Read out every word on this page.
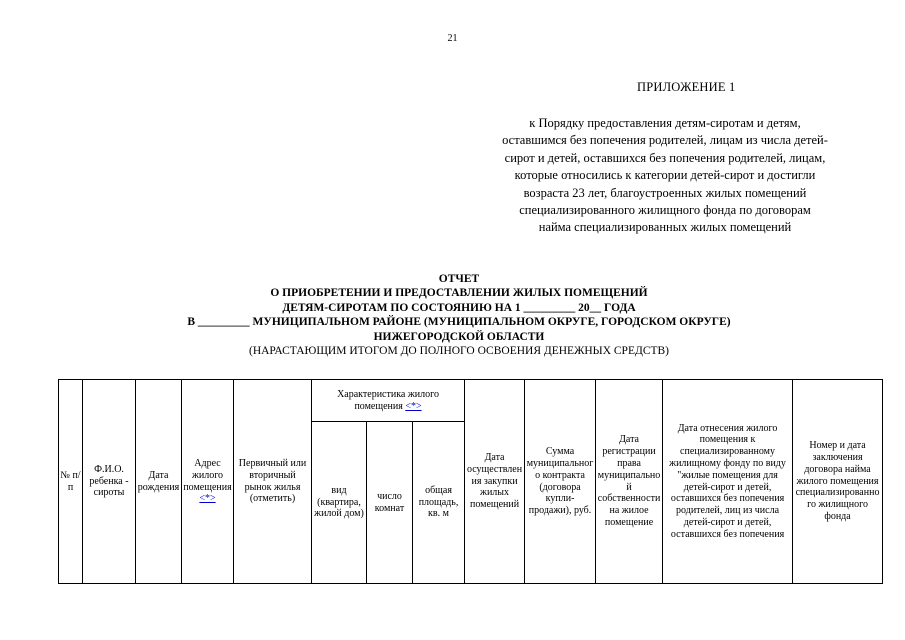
21
ПРИЛОЖЕНИЕ 1
к Порядку предоставления детям-сиротам и детям,
оставшимся без попечения родителей, лицам из числа детей-
сирот и детей, оставшихся без попечения родителей, лицам,
которые относились к категории детей-сирот и достигли
возраста 23 лет, благоустроенных жилых помещений
специализированного жилищного фонда по договорам
найма специализированных жилых помещений
ОТЧЕТ
О ПРИОБРЕТЕНИИ И ПРЕДОСТАВЛЕНИИ ЖИЛЫХ ПОМЕЩЕНИЙ
ДЕТЯМ-СИРОТАМ ПО СОСТОЯНИЮ НА 1 _________ 20__ ГОДА
В _________ МУНИЦИПАЛЬНОМ РАЙОНЕ (МУНИЦИПАЛЬНОМ ОКРУГЕ, ГОРОДСКОМ ОКРУГЕ)
НИЖЕГОРОДСКОЙ ОБЛАСТИ
(НАРАСТАЮЩИМ ИТОГОМ ДО ПОЛНОГО ОСВОЕНИЯ ДЕНЕЖНЫХ СРЕДСТВ)
№ п/п	Ф.И.О. ребенка - сироты	Дата рождения	Адрес жилого помещения <*>	Первичный или вторичный рынок жилья (отметить)	Характеристика жилого помещения <*>			Дата осуществления закупки жилых помещений	Сумма муниципального контракта (договора купли-продажи), руб.	Дата регистрации права муниципальной собственности на жилое помещение	Дата отнесения жилого помещения к специализированному жилищному фонду по виду "жилые помещения для детей-сирот и детей, оставшихся без попечения родителей, лиц из числа детей-сирот и детей, оставшихся без попечения	Номер и дата заключения договора найма жилого помещения специализированного жилищного фонда
					вид (квартира, жилой дом)	число комнат	общая площадь, кв. м					
